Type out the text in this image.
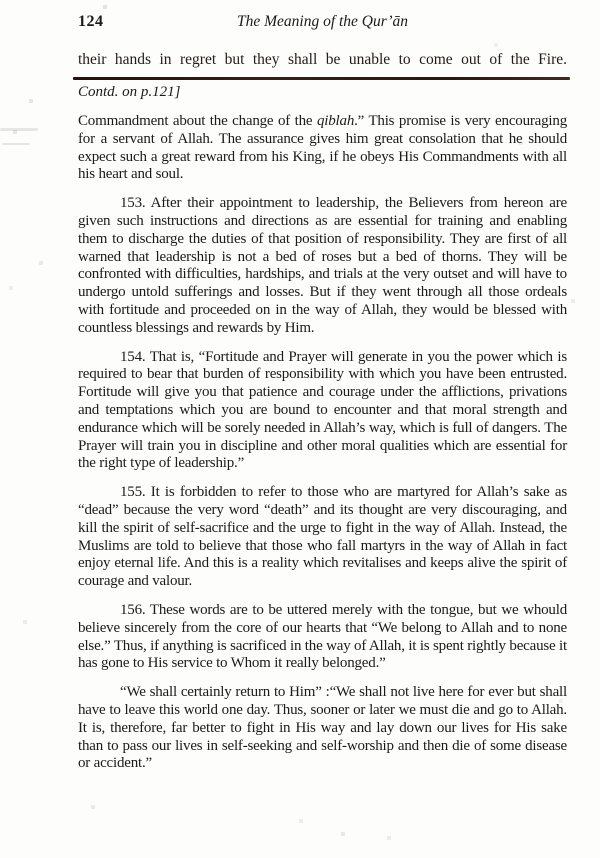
124	The Meaning of the Qur’ān
their hands in regret but they shall be unable to come out of the Fire.
Contd. on p.121]

Commandment about the change of the qiblah.” This promise is very encouraging for a servant of Allah. The assurance gives him great consolation that he should expect such a great reward from his King, if he obeys His Commandments with all his heart and soul.

153. After their appointment to leadership, the Believers from hereon are given such instructions and directions as are essential for training and enabling them to discharge the duties of that position of responsibility. They are first of all warned that leadership is not a bed of roses but a bed of thorns. They will be confronted with difficulties, hardships, and trials at the very outset and will have to undergo untold sufferings and losses. But if they went through all those ordeals with fortitude and proceeded on in the way of Allah, they would be blessed with countless blessings and rewards by Him.

154. That is, “Fortitude and Prayer will generate in you the power which is required to bear that burden of responsibility with which you have been entrusted. Fortitude will give you that patience and courage under the afflictions, privations and temptations which you are bound to encounter and that moral strength and endurance which will be sorely needed in Allah’s way, which is full of dangers. The Prayer will train you in discipline and other moral qualities which are essential for the right type of leadership.”

155. It is forbidden to refer to those who are martyred for Allah’s sake as “dead” because the very word “death” and its thought are very discouraging, and kill the spirit of self-sacrifice and the urge to fight in the way of Allah. Instead, the Muslims are told to believe that those who fall martyrs in the way of Allah in fact enjoy eternal life. And this is a reality which revitalises and keeps alive the spirit of courage and valour.

156. These words are to be uttered merely with the tongue, but we whould believe sincerely from the core of our hearts that “We belong to Allah and to none else.” Thus, if anything is sacrificed in the way of Allah, it is spent rightly because it has gone to His service to Whom it really belonged.”

“We shall certainly return to Him” :“We shall not live here for ever but shall have to leave this world one day. Thus, sooner or later we must die and go to Allah. It is, therefore, far better to fight in His way and lay down our lives for His sake than to pass our lives in self-seeking and self-worship and then die of some disease or accident.”
